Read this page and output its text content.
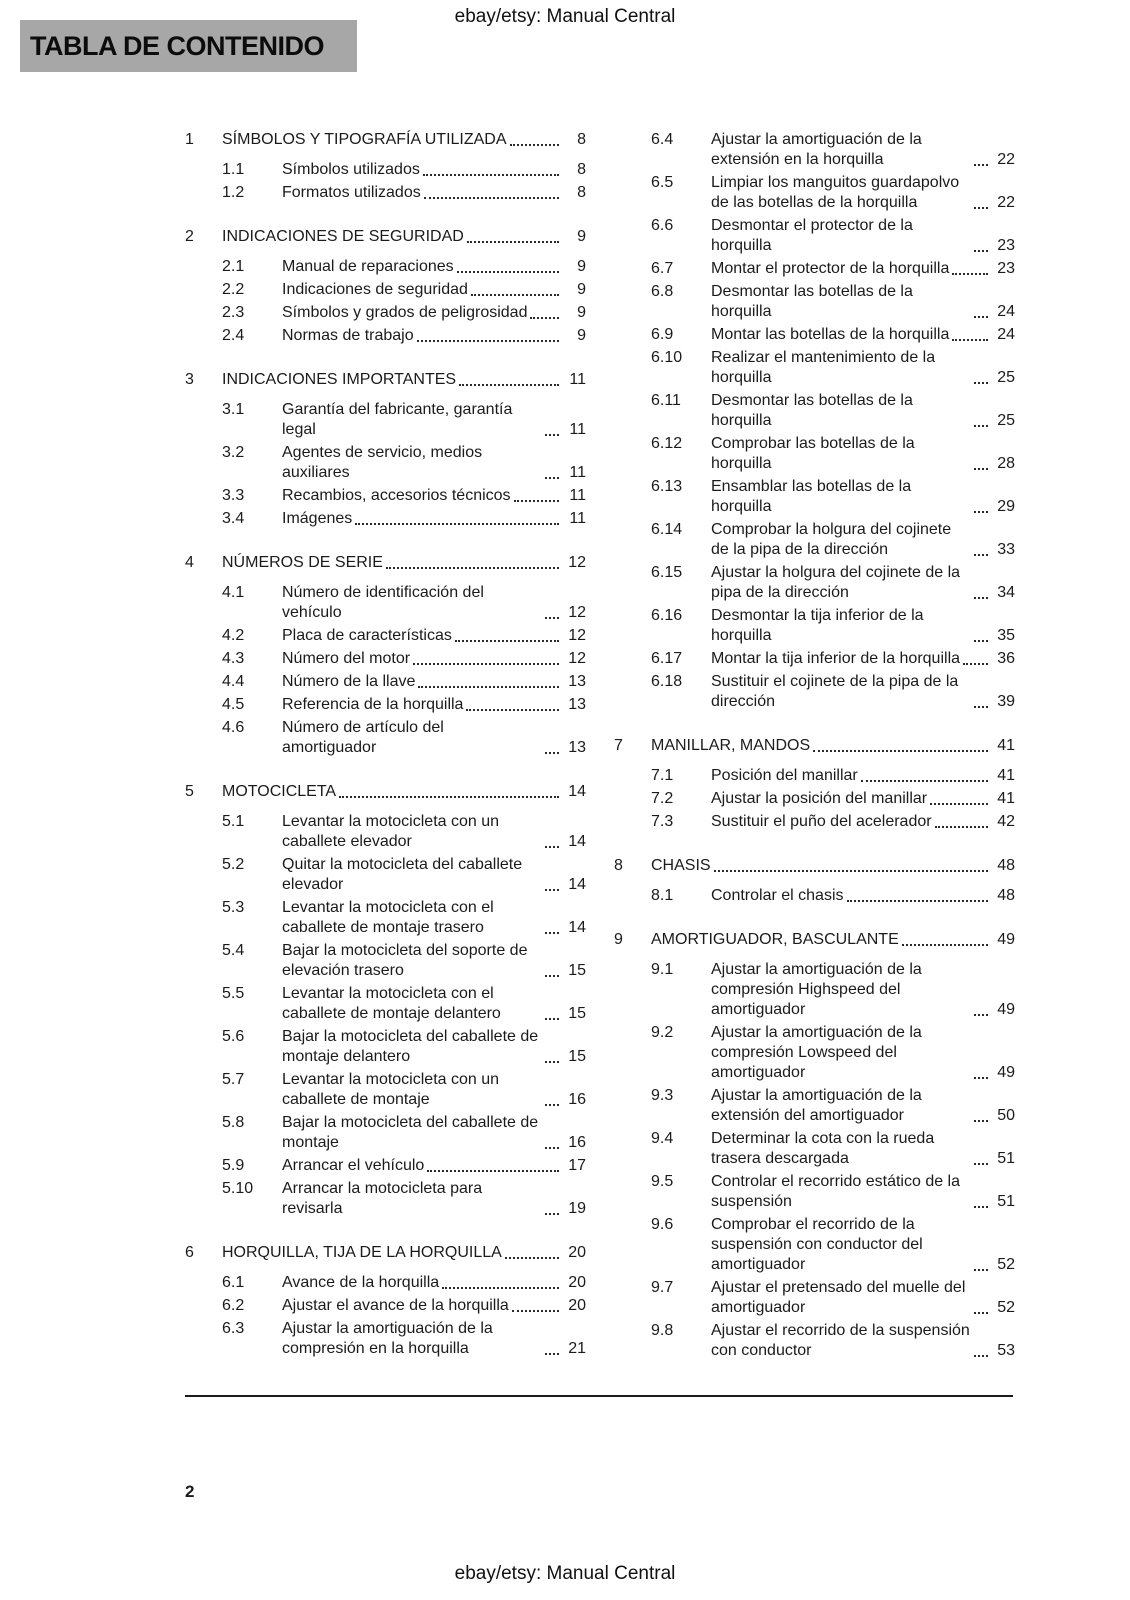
ebay/etsy: Manual Central
TABLA DE CONTENIDO
1	SÍMBOLOS Y TIPOGRAFÍA UTILIZADA	8
1.1	Símbolos utilizados	8
1.2	Formatos utilizados	8
2	INDICACIONES DE SEGURIDAD	9
2.1	Manual de reparaciones	9
2.2	Indicaciones de seguridad	9
2.3	Símbolos y grados de peligrosidad	9
2.4	Normas de trabajo	9
3	INDICACIONES IMPORTANTES	11
3.1	Garantía del fabricante, garantía legal	11
3.2	Agentes de servicio, medios auxiliares	11
3.3	Recambios, accesorios técnicos	11
3.4	Imágenes	11
4	NÚMEROS DE SERIE	12
4.1	Número de identificación del vehículo	12
4.2	Placa de características	12
4.3	Número del motor	12
4.4	Número de la llave	13
4.5	Referencia de la horquilla	13
4.6	Número de artículo del amortiguador	13
5	MOTOCICLETA	14
5.1	Levantar la motocicleta con un caballete elevador	14
5.2	Quitar la motocicleta del caballete elevador	14
5.3	Levantar la motocicleta con el caballete de montaje trasero	14
5.4	Bajar la motocicleta del soporte de elevación trasero	15
5.5	Levantar la motocicleta con el caballete de montaje delantero	15
5.6	Bajar la motocicleta del caballete de montaje delantero	15
5.7	Levantar la motocicleta con un caballete de montaje	16
5.8	Bajar la motocicleta del caballete de montaje	16
5.9	Arrancar el vehículo	17
5.10	Arrancar la motocicleta para revisarla	19
6	HORQUILLA, TIJA DE LA HORQUILLA	20
6.1	Avance de la horquilla	20
6.2	Ajustar el avance de la horquilla	20
6.3	Ajustar la amortiguación de la compresión en la horquilla	21
6.4	Ajustar la amortiguación de la extensión en la horquilla	22
6.5	Limpiar los manguitos guardapolvo de las botellas de la horquilla	22
6.6	Desmontar el protector de la horquilla	23
6.7	Montar el protector de la horquilla	23
6.8	Desmontar las botellas de la horquilla	24
6.9	Montar las botellas de la horquilla	24
6.10	Realizar el mantenimiento de la horquilla	25
6.11	Desmontar las botellas de la horquilla	25
6.12	Comprobar las botellas de la horquilla	28
6.13	Ensamblar las botellas de la horquilla	29
6.14	Comprobar la holgura del cojinete de la pipa de la dirección	33
6.15	Ajustar la holgura del cojinete de la pipa de la dirección	34
6.16	Desmontar la tija inferior de la horquilla	35
6.17	Montar la tija inferior de la horquilla	36
6.18	Sustituir el cojinete de la pipa de la dirección	39
7	MANILLAR, MANDOS	41
7.1	Posición del manillar	41
7.2	Ajustar la posición del manillar	41
7.3	Sustituir el puño del acelerador	42
8	CHASIS	48
8.1	Controlar el chasis	48
9	AMORTIGUADOR, BASCULANTE	49
9.1	Ajustar la amortiguación de la compresión Highspeed del amortiguador	49
9.2	Ajustar la amortiguación de la compresión Lowspeed del amortiguador	49
9.3	Ajustar la amortiguación de la extensión del amortiguador	50
9.4	Determinar la cota con la rueda trasera descargada	51
9.5	Controlar el recorrido estático de la suspensión	51
9.6	Comprobar el recorrido de la suspensión con conductor del amortiguador	52
9.7	Ajustar el pretensado del muelle del amortiguador	52
9.8	Ajustar el recorrido de la suspensión con conductor	53
2
ebay/etsy: Manual Central
